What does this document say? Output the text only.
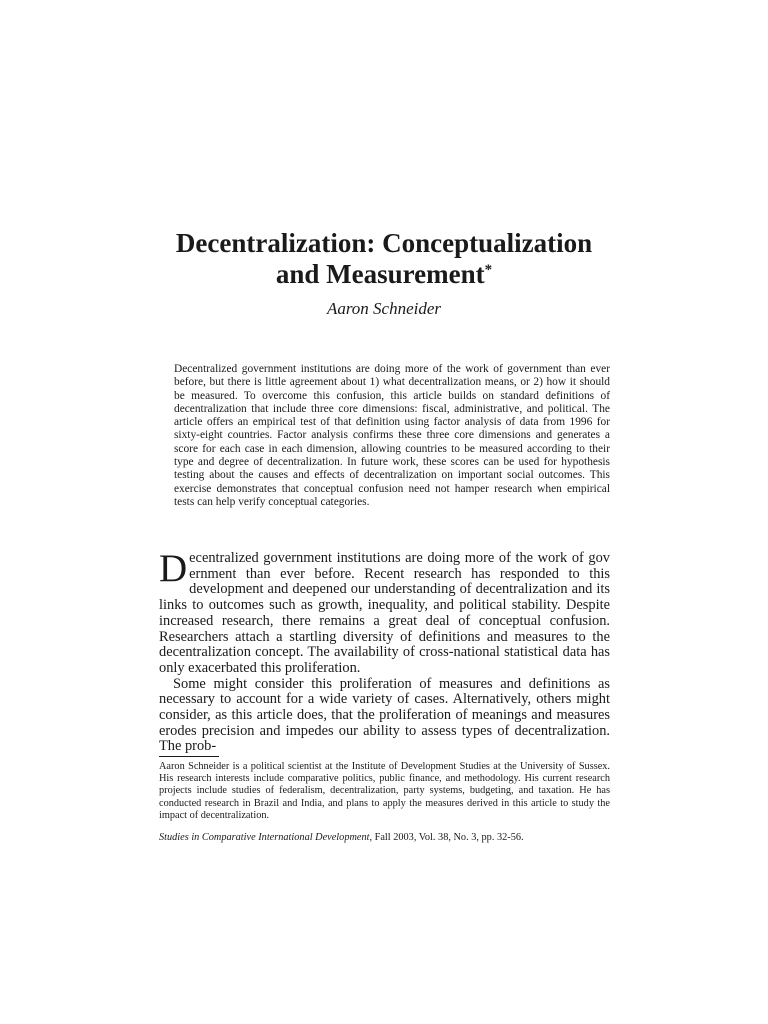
Decentralization: Conceptualization
and Measurement*
Aaron Schneider
Decentralized government institutions are doing more of the work of government than ever before, but there is little agreement about 1) what decentralization means, or 2) how it should be measured. To overcome this confusion, this article builds on standard definitions of decentralization that include three core dimensions: fiscal, administrative, and political. The article offers an empirical test of that definition using factor analysis of data from 1996 for sixty-eight countries. Factor analysis confirms these three core dimensions and generates a score for each case in each dimension, allowing countries to be measured according to their type and degree of decentralization. In future work, these scores can be used for hypothesis testing about the causes and effects of decentralization on important social outcomes. This exercise demonstrates that conceptual confusion need not hamper research when empirical tests can help verify conceptual categories.

Decentralized government institutions are doing more of the work of gov ernment than ever before. Recent research has responded to this development and deepened our understanding of decentralization and its links to outcomes such as growth, inequality, and political stability. Despite increased research, there remains a great deal of conceptual confusion. Researchers attach a startling diversity of definitions and measures to the decentralization concept. The availability of cross-national statistical data has only exacerbated this proliferation.

Some might consider this proliferation of measures and definitions as necessary to account for a wide variety of cases. Alternatively, others might consider, as this article does, that the proliferation of meanings and measures erodes precision and impedes our ability to assess types of decentralization. The prob-

Aaron Schneider is a political scientist at the Institute of Development Studies at the University of Sussex. His research interests include comparative politics, public finance, and methodology. His current research projects include studies of federalism, decentralization, party systems, budgeting, and taxation. He has conducted research in Brazil and India, and plans to apply the measures derived in this article to study the impact of decentralization.
Studies in Comparative International Development, Fall 2003, Vol. 38, No. 3, pp. 32-56.
